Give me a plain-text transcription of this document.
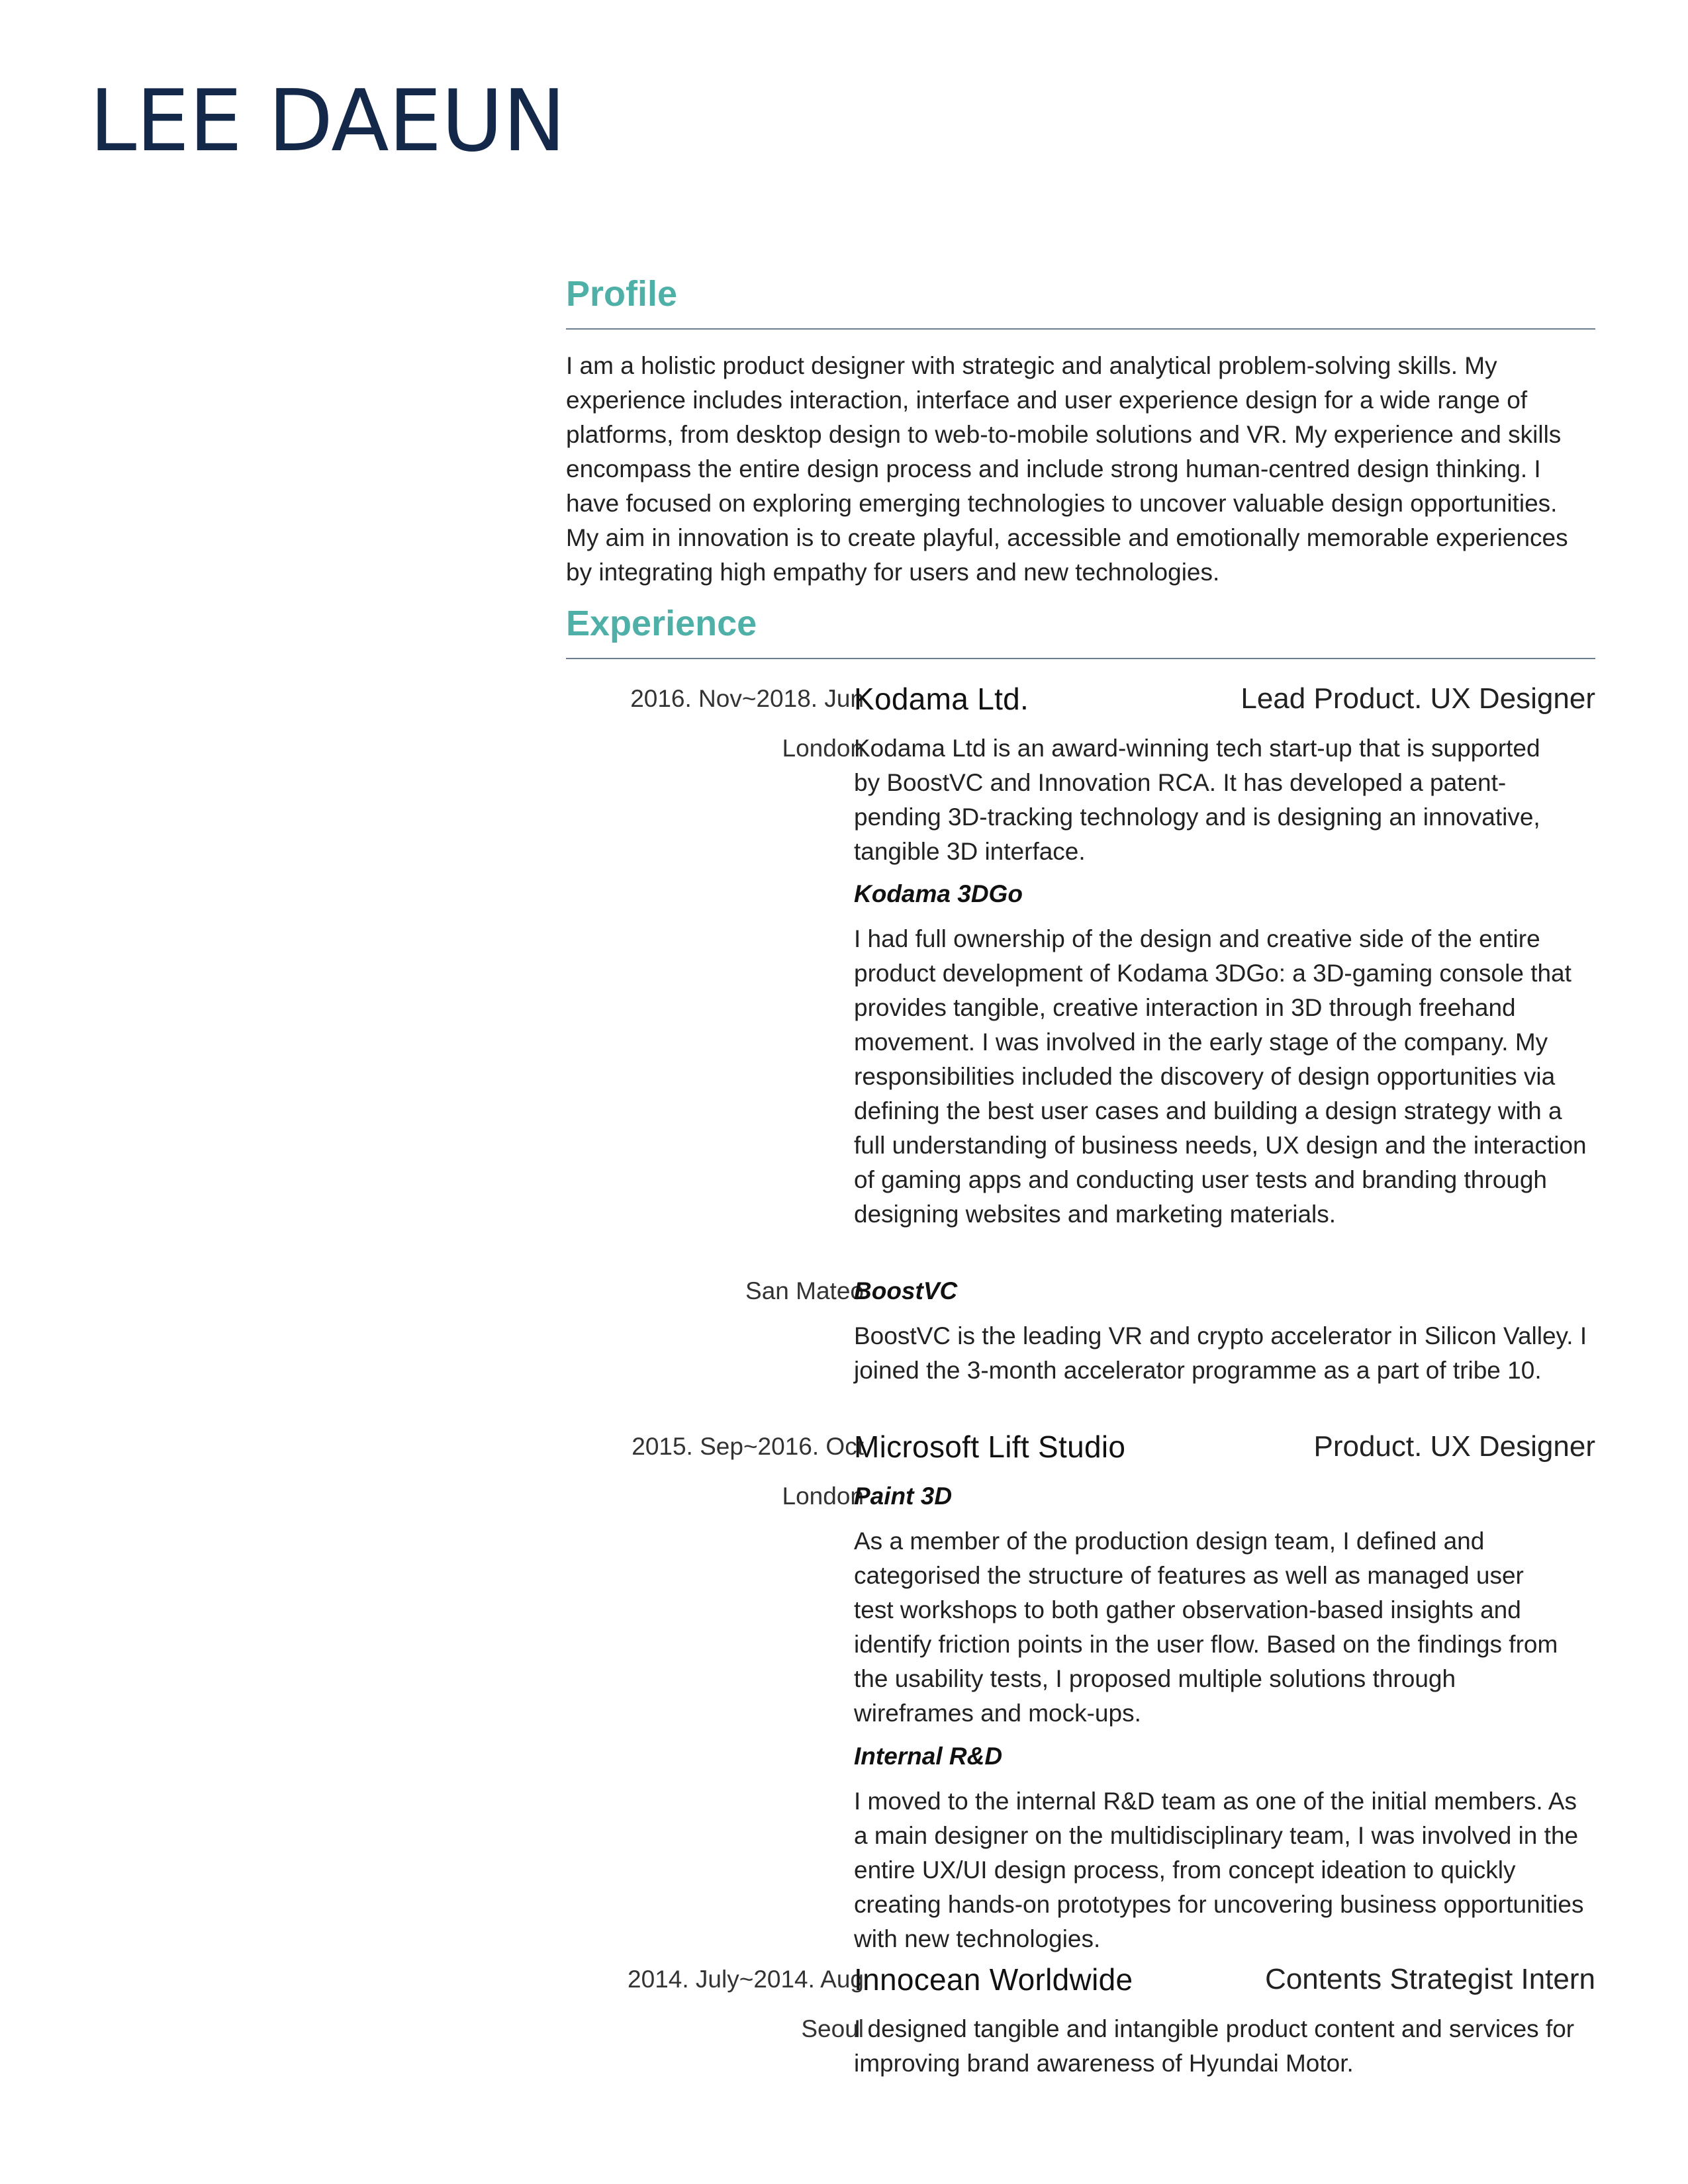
LEE DAEUN
Profile

I am a holistic product designer with strategic and analytical problem-solving skills. My experience includes interaction, interface and user experience design for a wide range of platforms, from desktop design to web-to-mobile solutions and VR. My experience and skills encompass the entire design process and include strong human-centred design thinking. I have focused on exploring emerging technologies to uncover valuable design opportunities. My aim in innovation is to create playful, accessible and emotionally memorable experiences by integrating high empathy for users and new technologies.

Experience
2016. Nov~2018. Jun
Kodama Ltd.	Lead Product. UX Designer
London

Kodama Ltd is an award-winning tech start-up that is supported by BoostVC and Innovation RCA. It has developed a patent-pending 3D-tracking technology and is designing an innovative, tangible 3D interface.

Kodama 3DGo

I had full ownership of the design and creative side of the entire product development of Kodama 3DGo: a 3D-gaming console that provides tangible, creative interaction in 3D through freehand movement. I was involved in the early stage of the company. My responsibilities included the discovery of design opportunities via defining the best user cases and building a design strategy with a full understanding of business needs, UX design and the interaction of gaming apps and conducting user tests and branding through designing websites and marketing materials.

San Mateo

BoostVC

BoostVC is the leading VR and crypto accelerator in Silicon Valley. I joined the 3-month accelerator programme as a part of tribe 10.

2015. Sep~2016. Oct
Microsoft Lift Studio	Product. UX Designer
London

Paint 3D

As a member of the production design team, I defined and categorised the structure of features as well as managed user test workshops to both gather observation-based insights and identify friction points in the user flow. Based on the findings from the usability tests, I proposed multiple solutions through wireframes and mock-ups.

Internal R&D

I moved to the internal R&D team as one of the initial members. As a main designer on the multidisciplinary team, I was involved in the entire UX/UI design process, from concept ideation to quickly creating hands-on prototypes for uncovering business opportunities with new technologies.

2014. July~2014. Aug
Innocean Worldwide	Contents Strategist Intern
Seoul

I designed tangible and intangible product content and services for improving brand awareness of Hyundai Motor.
